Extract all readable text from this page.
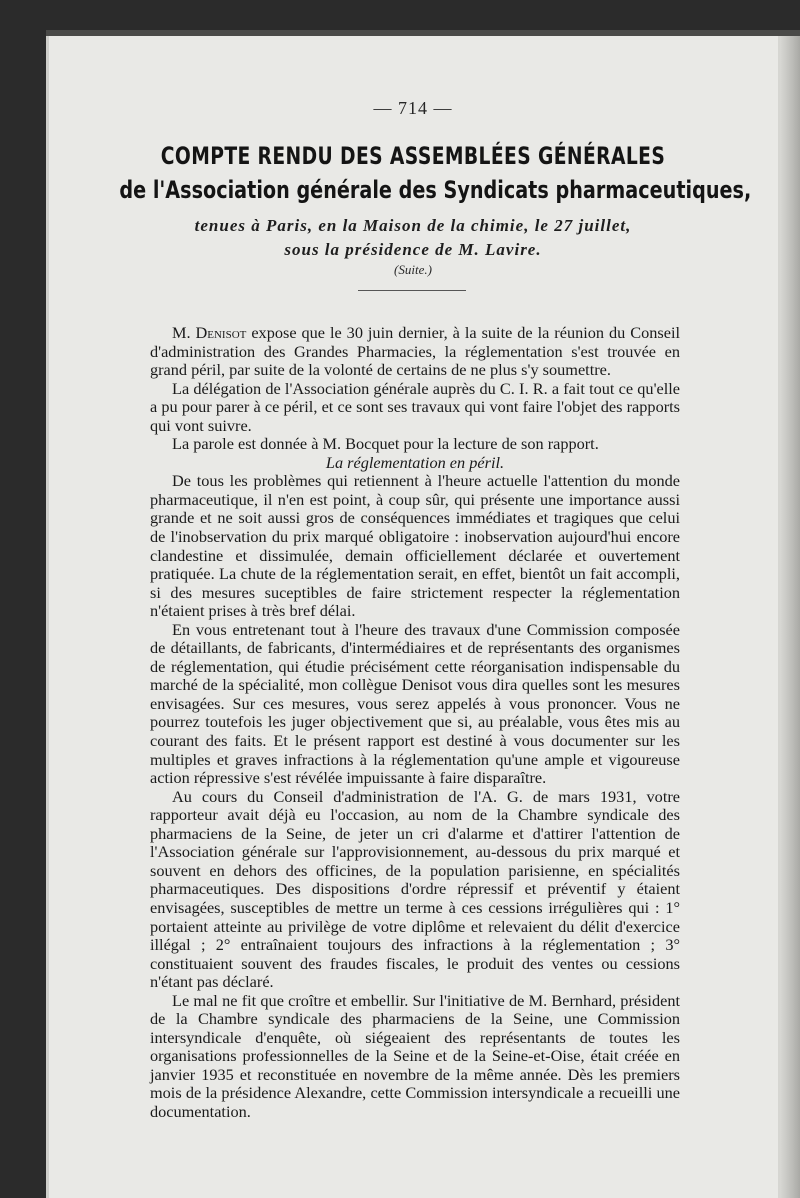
— 714 —
COMPTE RENDU DES ASSEMBLÉES GÉNÉRALES
de l'Association générale des Syndicats pharmaceutiques,
tenues à Paris, en la Maison de la chimie, le 27 juillet,
sous la présidence de M. Lavire.
(Suite.)

M. Denisot expose que le 30 juin dernier, à la suite de la réunion du Conseil d'administration des Grandes Pharmacies, la réglementation s'est trouvée en grand péril, par suite de la volonté de certains de ne plus s'y soumettre.

La délégation de l'Association générale auprès du C. I. R. a fait tout ce qu'elle a pu pour parer à ce péril, et ce sont ses travaux qui vont faire l'objet des rapports qui vont suivre.

La parole est donnée à M. Bocquet pour la lecture de son rapport.

La réglementation en péril.

De tous les problèmes qui retiennent à l'heure actuelle l'attention du monde pharmaceutique, il n'en est point, à coup sûr, qui présente une importance aussi grande et ne soit aussi gros de conséquences immédiates et tragiques que celui de l'inobservation du prix marqué obligatoire : inobservation aujourd'hui encore clandestine et dissimulée, demain officiellement déclarée et ouvertement pratiquée. La chute de la réglementation serait, en effet, bientôt un fait accompli, si des mesures suceptibles de faire strictement respecter la réglementation n'étaient prises à très bref délai.

En vous entretenant tout à l'heure des travaux d'une Commission composée de détaillants, de fabricants, d'intermédiaires et de représentants des organismes de réglementation, qui étudie précisément cette réorganisation indispensable du marché de la spécialité, mon collègue Denisot vous dira quelles sont les mesures envisagées. Sur ces mesures, vous serez appelés à vous prononcer. Vous ne pourrez toutefois les juger objectivement que si, au préalable, vous êtes mis au courant des faits. Et le présent rapport est destiné à vous documenter sur les multiples et graves infractions à la réglementation qu'une ample et vigoureuse action répressive s'est révélée impuissante à faire disparaître.

Au cours du Conseil d'administration de l'A. G. de mars 1931, votre rapporteur avait déjà eu l'occasion, au nom de la Chambre syndicale des pharmaciens de la Seine, de jeter un cri d'alarme et d'attirer l'attention de l'Association générale sur l'approvisionnement, au-dessous du prix marqué et souvent en dehors des officines, de la population parisienne, en spécialités pharmaceutiques. Des dispositions d'ordre répressif et préventif y étaient envisagées, susceptibles de mettre un terme à ces cessions irrégulières qui : 1° portaient atteinte au privilège de votre diplôme et relevaient du délit d'exercice illégal ; 2° entraînaient toujours des infractions à la réglementation ; 3° constituaient souvent des fraudes fiscales, le produit des ventes ou cessions n'étant pas déclaré.

Le mal ne fit que croître et embellir. Sur l'initiative de M. Bernhard, président de la Chambre syndicale des pharmaciens de la Seine, une Commission intersyndicale d'enquête, où siégeaient des représentants de toutes les organisations professionnelles de la Seine et de la Seine-et-Oise, était créée en janvier 1935 et reconstituée en novembre de la même année. Dès les premiers mois de la présidence Alexandre, cette Commission intersyndicale a recueilli une documentation.
